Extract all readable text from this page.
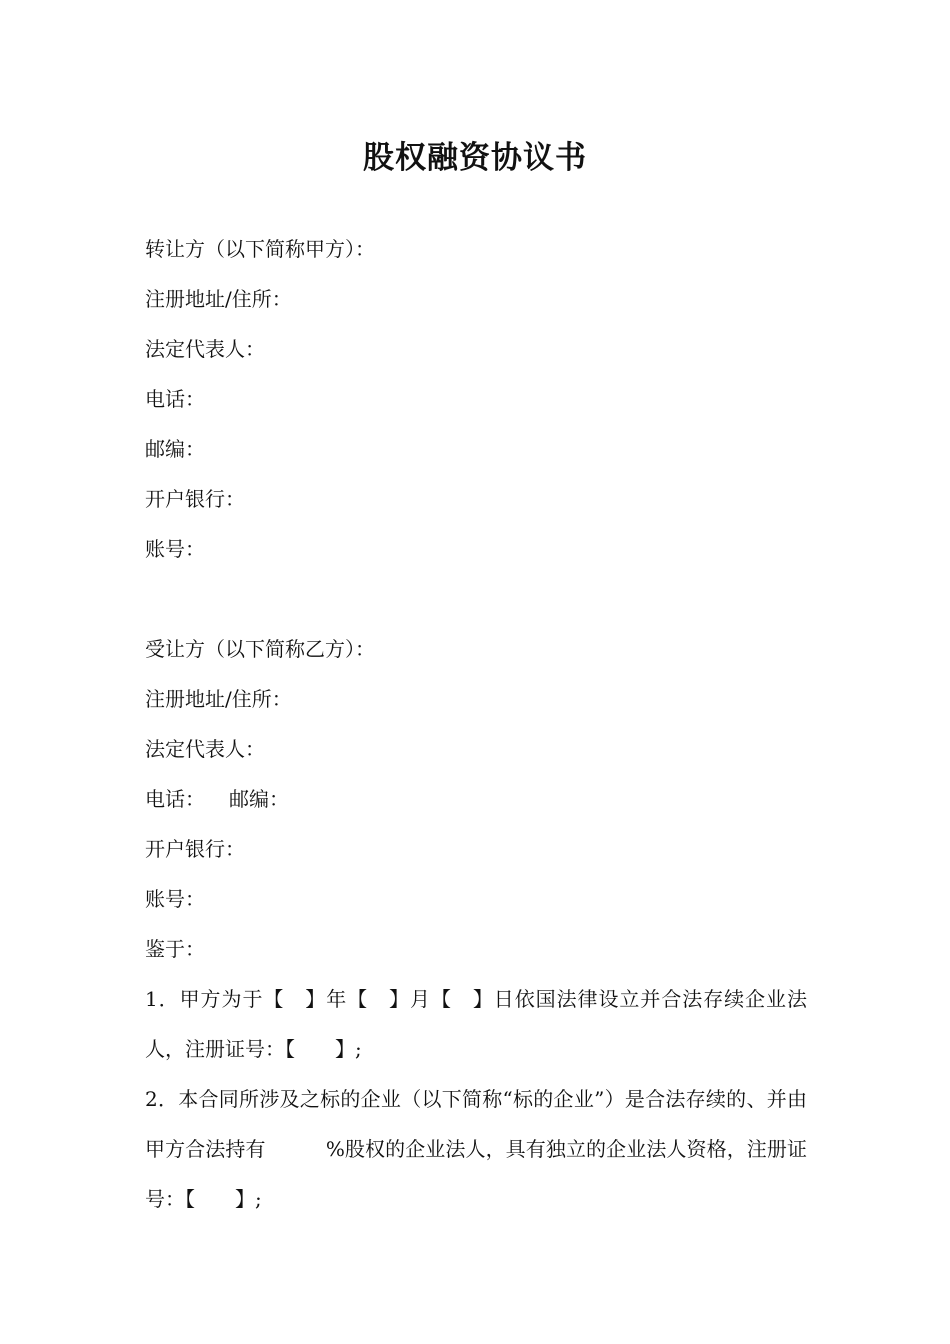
股权融资协议书
转让方（以下简称甲方）：
注册地址/住所：
法定代表人：
电话：
邮编：
开户银行：
账号：
受让方（以下简称乙方）：
注册地址/住所：
法定代表人：
电话： 邮编：
开户银行：
账号：
鉴于：
1．甲方为于【　】年【　】月【　】日依国法律设立并合法存续企业法人，注册证号：【　　】;
2．本合同所涉及之标的企业（以下简称“标的企业”）是合法存续的、并由甲方合法持有　　　%股权的企业法人，具有独立的企业法人资格，注册证号：【　　】;
